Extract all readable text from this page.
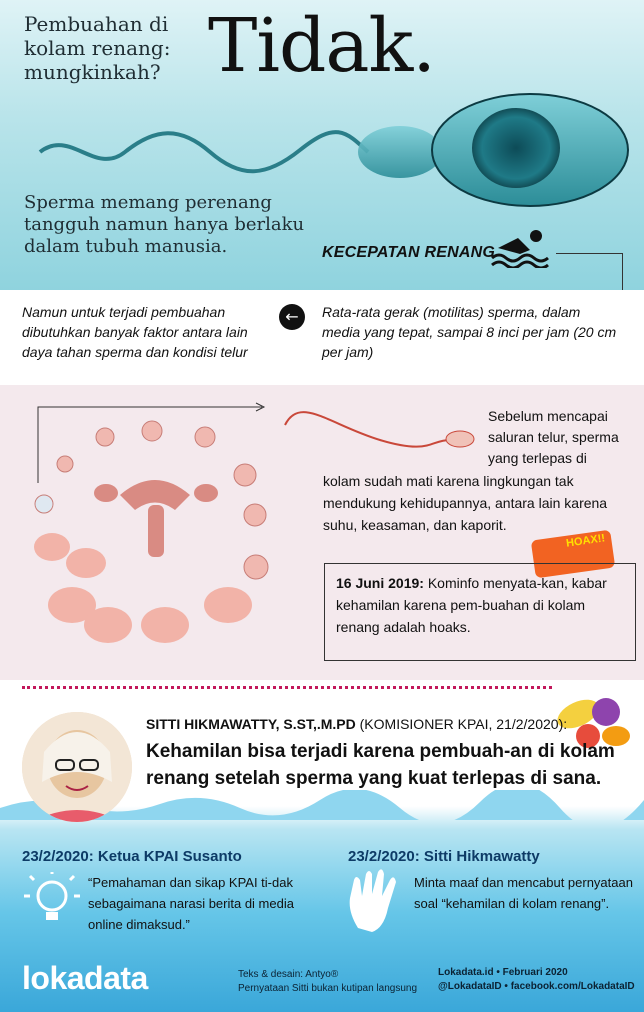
Pembuahan di kolam renang: mungkinkah? Tidak.
Sperma memang perenang tangguh namun hanya berlaku dalam tubuh manusia.	KECEPATAN RENANG
Namun untuk terjadi pembuahan dibutuhkan banyak faktor antara lain daya tahan sperma dan kondisi telur
←	Rata-rata gerak (motilitas) sperma, dalam media yang tepat, sampai 8 inci per jam (20 cm per jam)
HOAX!!
Sebelum mencapai saluran telur, sperma yang terlepas di
kolam sudah mati karena lingkungan tak mendukung kehidupannya, antara lain karena suhu, keasaman, dan kaporit.
16 Juni 2019: Kominfo menyata-kan, kabar kehamilan karena pem-buahan di kolam renang adalah hoaks.
SITTI HIKMAWATTY, S.ST,.M.PD (KOMISIONER KPAI, 21/2/2020):
Kehamilan bisa terjadi karena pembuah-an di kolam renang setelah sperma yang kuat terlepas di sana.
23/2/2020: Ketua KPAI Susanto
“Pemahaman dan sikap KPAI ti-dak sebagaimana narasi berita di media online dimaksud.”
23/2/2020: Sitti Hikmawatty
Minta maaf dan mencabut pernyataan soal “kehamilan di kolam renang”.
lokadata	Teks & desain: Antyo®
Pernyataan Sitti bukan kutipan langsung
Lokadata.id • Februari 2020
@LokadataID • facebook.com/LokadataID
